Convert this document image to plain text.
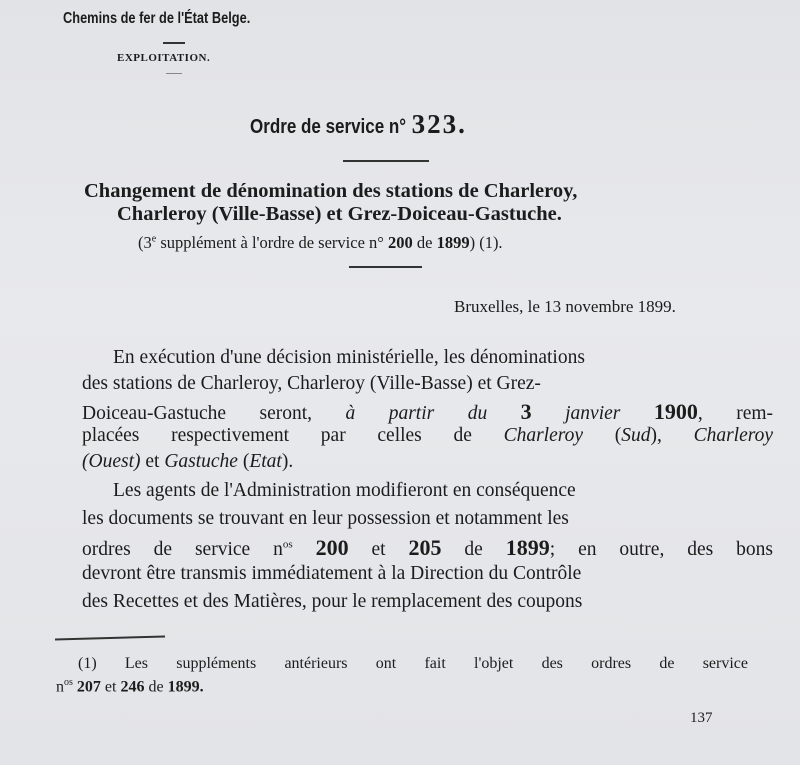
Chemins de fer de l'État Belge.
EXPLOITATION.
Ordre de service n° 323.
Changement de dénomination des stations de Charleroy,
Charleroy (Ville-Basse) et Grez-Doiceau-Gastuche.
(3e supplément à l'ordre de service n° 200 de 1899) (1).
Bruxelles, le 13 novembre 1899.
En exécution d'une décision ministérielle, les dénominations
des stations de Charleroy, Charleroy (Ville-Basse) et Grez-
Doiceau-Gastuche seront, à partir du 3 janvier 1900, rem-
placées respectivement par celles de Charleroy (Sud), Charleroy
(Ouest) et Gastuche (Etat).
Les agents de l'Administration modifieront en conséquence
les documents se trouvant en leur possession et notamment les
ordres de service $n^{os}$ 200 et 205 de 1899; en outre, des bons
devront être transmis immédiatement à la Direction du Contrôle
des Recettes et des Matières, pour le remplacement des coupons
(1) Les suppléments antérieurs ont fait l'objet des ordres de service
$n^{os}$ 207 et 246 de 1899.
137
